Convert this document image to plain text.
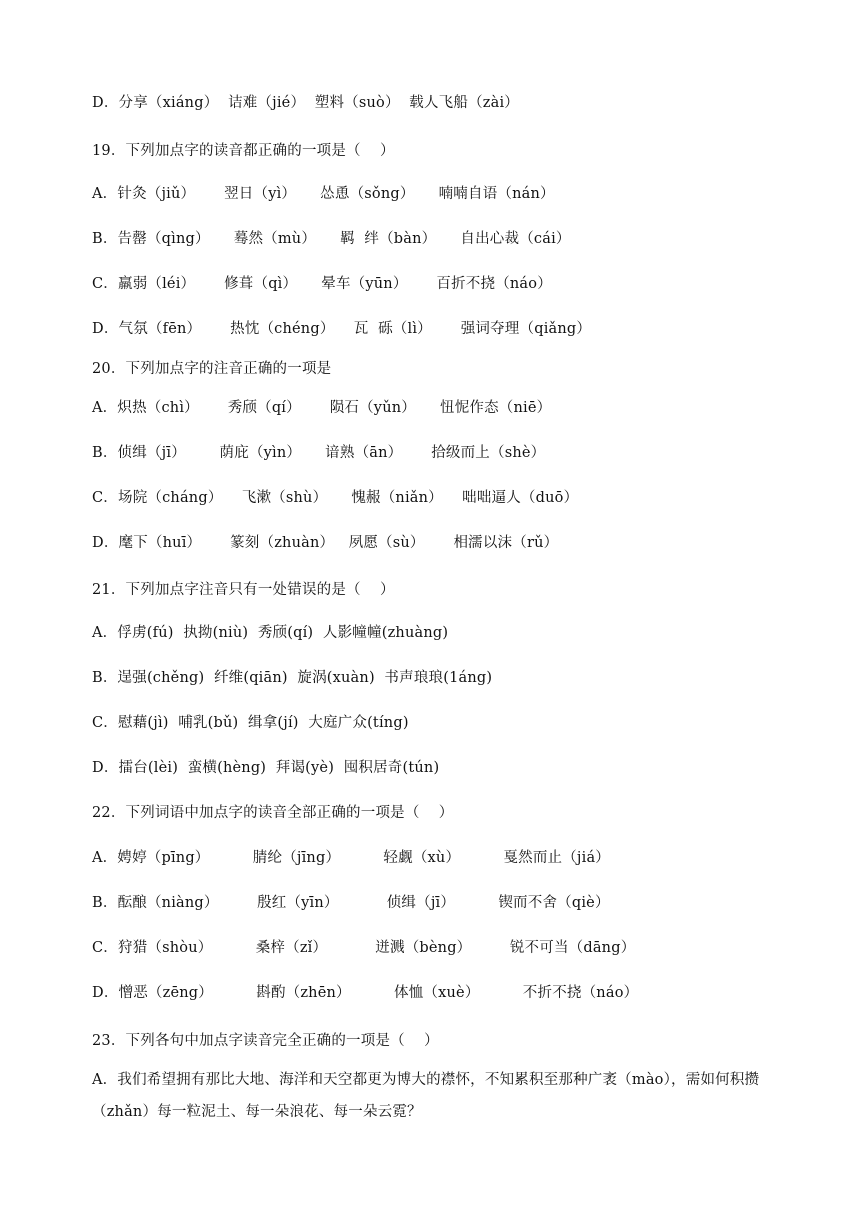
D．分享（xiáng）  诘难（jié）  塑料（suò）  载人飞船（zài）
19．下列加点字的读音都正确的一项是（    ）
A．针灸（jiǔ）      翌日（yì）     怂恿（sǒng）     喃喃自语（nán）
B．告罄（qìng）     蓦然（mù）     羁  绊（bàn）     自出心裁（cái）
C．羸弱（léi）      修葺（qì）     晕车（yūn）      百折不挠（náo）
D．气氛（fēn）      热忱（chéng）    瓦  砾（lì）      强词夺理（qiǎng）
20．下列加点字的注音正确的一项是
A．炽热（chì）      秀颀（qí）      陨石（yǔn）     忸怩作态（niē）
B．侦缉（jī）       荫庇（yìn）     谙熟（ān）      拾级而上（shè）
C．场院（cháng）    飞漱（shù）     愧赧（niǎn）    咄咄逼人（duō）
D．麾下（huī）      篆刻（zhuàn）   夙愿（sù）      相濡以沫（rǔ）
21．下列加点字注音只有一处错误的是（    ）
A．俘虏(fú)  执拗(niù)  秀颀(qí)  人影幢幢(zhuàng)
B．逞强(chěng)  纤维(qiān)  旋涡(xuàn)  书声琅琅(1áng)
C．慰藉(jì)  哺乳(bǔ)  缉拿(jí)  大庭广众(tíng)
D．擂台(lèi)  蛮横(hèng)  拜谒(yè)  囤积居奇(tún)
22．下列词语中加点字的读音全部正确的一项是（    ）
A．娉婷（pīng）         腈纶（jīng）         轻觑（xù）         戛然而止（jiá）
B．酝酿（niàng）        殷红（yīn）          侦缉（jī）         锲而不舍（qiè）
C．狩猎（shòu）         桑梓（zǐ）          迸溅（bèng）        锐不可当（dāng）
D．憎恶（zēng）         斟酌（zhēn）         体恤（xuè）         不折不挠（náo）
23．下列各句中加点字读音完全正确的一项是（    ）
A．我们希望拥有那比大地、海洋和天空都更为博大的襟怀，不知累积至那种广袤（mào），需如何积攒（zhǎn）每一粒泥土、每一朵浪花、每一朵云霓？
